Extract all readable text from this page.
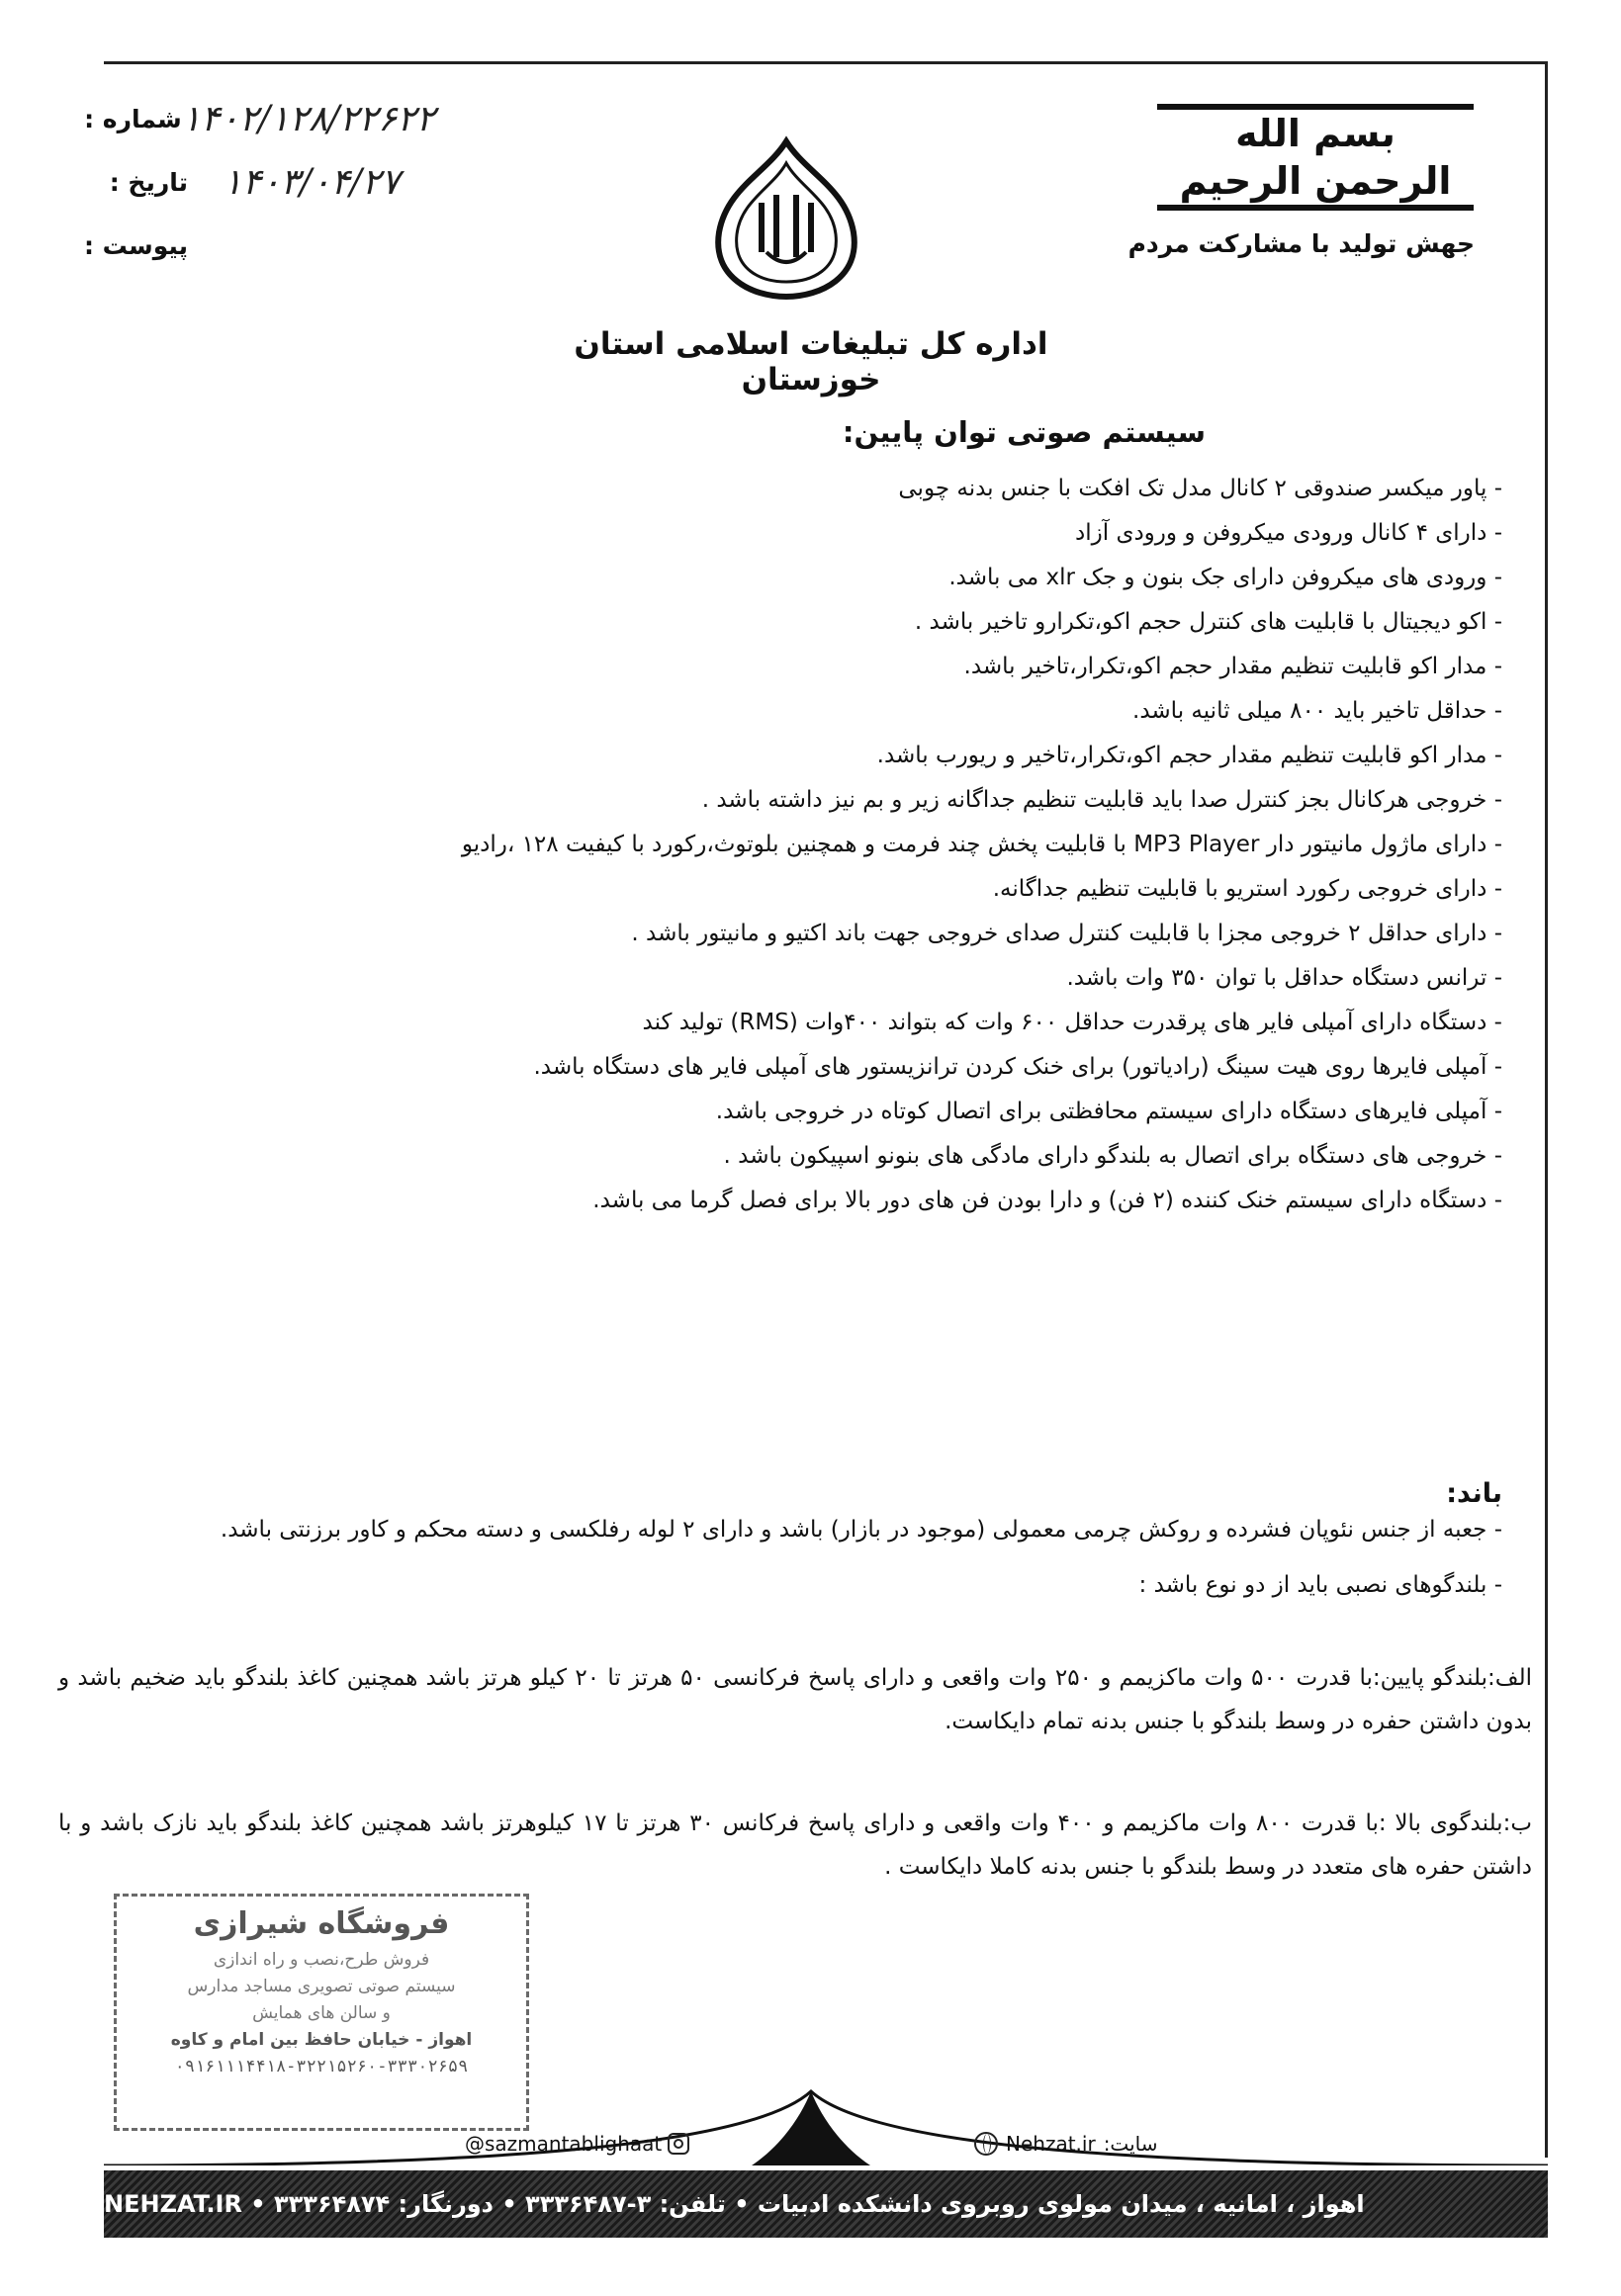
بسم الله الرحمن الرحیم
جهش تولید با مشارکت مردم
شماره : ۱۴۰۲/۱۲۸/۲۲۶۲۲
تاریخ : ۱۴۰۳/۰۴/۲۷
پیوست :
اداره کل تبلیغات اسلامی استان خوزستان
سیستم صوتی توان پایین:
- پاور میکسر صندوقی ۲ کانال مدل تک افکت با جنس بدنه چوبی
- دارای ۴ کانال ورودی میکروفن و ورودی آزاد
- ورودی های میکروفن دارای جک بنون و جک xlr می باشد.
- اکو دیجیتال با قابلیت های کنترل حجم اکو،تکرارو تاخیر باشد .
- مدار اکو قابلیت تنظیم مقدار حجم اکو،تکرار،تاخیر باشد.
- حداقل تاخیر باید ۸۰۰ میلی ثانیه باشد.
- مدار اکو قابلیت تنظیم مقدار حجم اکو،تکرار،تاخیر و ریورب باشد.
- خروجی هرکانال بجز کنترل صدا باید قابلیت تنظیم جداگانه زیر و بم نیز داشته باشد .
- دارای ماژول مانیتور دار MP3 Player با قابلیت پخش چند فرمت و همچنین بلوتوث،رکورد با کیفیت ۱۲۸ ،رادیو
- دارای خروجی رکورد استریو با قابلیت تنظیم جداگانه.
- دارای حداقل ۲ خروجی مجزا با قابلیت کنترل صدای خروجی جهت باند اکتیو و مانیتور باشد .
- ترانس دستگاه حداقل با توان ۳۵۰ وات باشد.
- دستگاه دارای آمپلی فایر های پرقدرت حداقل ۶۰۰ وات که بتواند ۴۰۰وات (RMS) تولید کند
- آمپلی فایرها روی هیت سینگ (رادیاتور) برای خنک کردن ترانزیستور های آمپلی فایر های دستگاه باشد.
- آمپلی فایرهای دستگاه دارای سیستم محافظتی برای اتصال کوتاه در خروجی باشد.
- خروجی های دستگاه برای اتصال به بلندگو دارای مادگی های بنونو اسپیکون باشد .
- دستگاه دارای سیستم خنک کننده (۲ فن) و دارا بودن فن های دور بالا برای فصل گرما می باشد.
باند:
- جعبه از جنس نئوپان فشرده و روکش چرمی معمولی (موجود در بازار) باشد و دارای ۲ لوله رفلکسی و دسته محکم و کاور برزنتی باشد.
- بلندگوهای نصبی باید از دو نوع باشد :
الف:بلندگو پایین:با قدرت ۵۰۰ وات ماکزیمم و ۲۵۰ وات واقعی و دارای پاسخ فرکانسی ۵۰ هرتز تا ۲۰ کیلو هرتز باشد همچنین کاغذ بلندگو باید ضخیم باشد و بدون داشتن حفره در وسط بلندگو با جنس بدنه تمام دایکاست.
ب:بلندگوی بالا :با قدرت ۸۰۰ وات ماکزیمم و ۴۰۰ وات واقعی و دارای پاسخ فرکانس ۳۰ هرتز تا ۱۷ کیلوهرتز باشد همچنین کاغذ بلندگو باید نازک باشد و با داشتن حفره های متعدد در وسط بلندگو با جنس بدنه کاملا دایکاست .
فروشگاه شیرازی
فروش طرح،نصب و راه اندازی
سیستم صوتی تصویری مساجد مدارس
و سالن های همایش
اهواز - خیابان حافظ بین امام و کاوه
۰۹۱۶۱۱۱۴۴۱۸-۳۲۲۱۵۲۶۰-۳۳۳۰۲۶۵۹
@sazmantablighaat	سایت:
Nehzat.ir
اهواز ، امانیه ، میدان مولوی روبروی دانشکده ادبیات • تلفن: ۳-۳۳۳۶۴۸۷ • دورنگار: ۳۳۳۶۴۸۷۴ • NEHZAT.IR
